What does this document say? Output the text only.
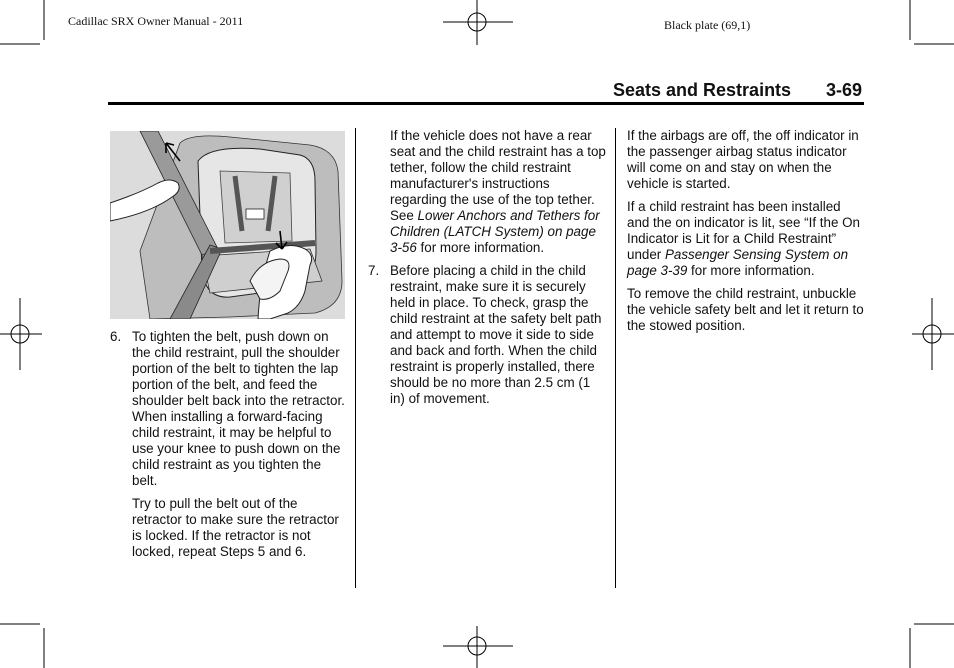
Cadillac SRX Owner Manual - 2011	Black plate (69,1)
Seats and Restraints 3-69
6. To tighten the belt, push down on the child restraint, pull the shoulder portion of the belt to tighten the lap portion of the belt, and feed the shoulder belt back into the retractor. When installing a forward-facing child restraint, it may be helpful to use your knee to push down on the child restraint as you tighten the belt.

Try to pull the belt out of the retractor to make sure the retractor is locked. If the retractor is not locked, repeat Steps 5 and 6.

If the vehicle does not have a rear seat and the child restraint has a top tether, follow the child restraint manufacturer's instructions regarding the use of the top tether. See Lower Anchors and Tethers for Children (LATCH System) on page 3-56 for more information.

7. Before placing a child in the child restraint, make sure it is securely held in place. To check, grasp the child restraint at the safety belt path and attempt to move it side to side and back and forth. When the child restraint is properly installed, there should be no more than 2.5 cm (1 in) of movement.

If the airbags are off, the off indicator in the passenger airbag status indicator will come on and stay on when the vehicle is started.

If a child restraint has been installed and the on indicator is lit, see “If the On Indicator is Lit for a Child Restraint” under Passenger Sensing System on page 3-39 for more information.

To remove the child restraint, unbuckle the vehicle safety belt and let it return to the stowed position.
